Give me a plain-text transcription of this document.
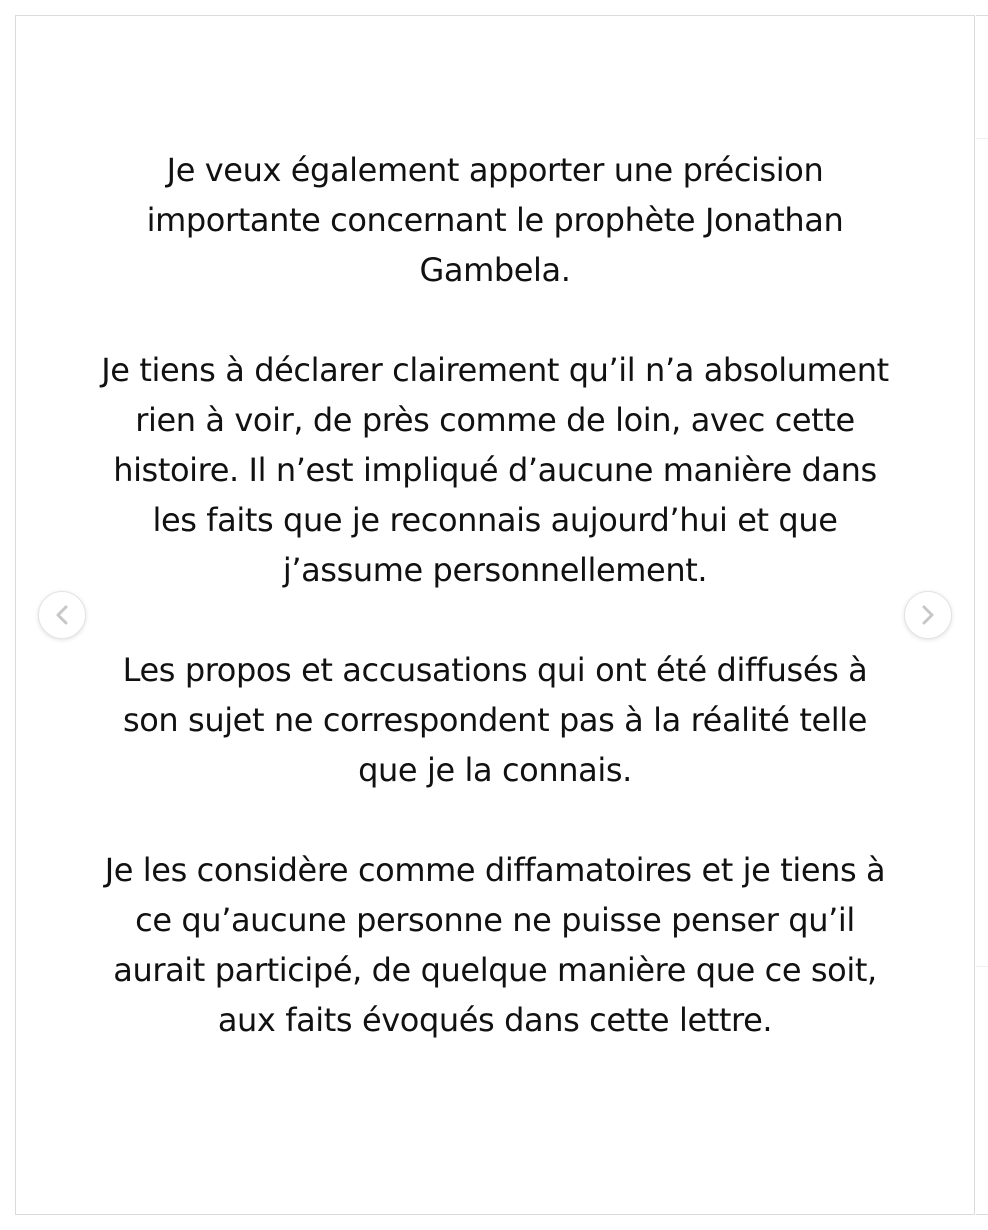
Je veux également apporter une précision importante concernant le prophète Jonathan Gambela.

Je tiens à déclarer clairement qu’il n’a absolument rien à voir, de près comme de loin, avec cette histoire. Il n’est impliqué d’aucune manière dans les faits que je reconnais aujourd’hui et que j’assume personnellement.

Les propos et accusations qui ont été diffusés à son sujet ne correspondent pas à la réalité telle que je la connais.

Je les considère comme diffamatoires et je tiens à ce qu’aucune personne ne puisse penser qu’il aurait participé, de quelque manière que ce soit, aux faits évoqués dans cette lettre.
